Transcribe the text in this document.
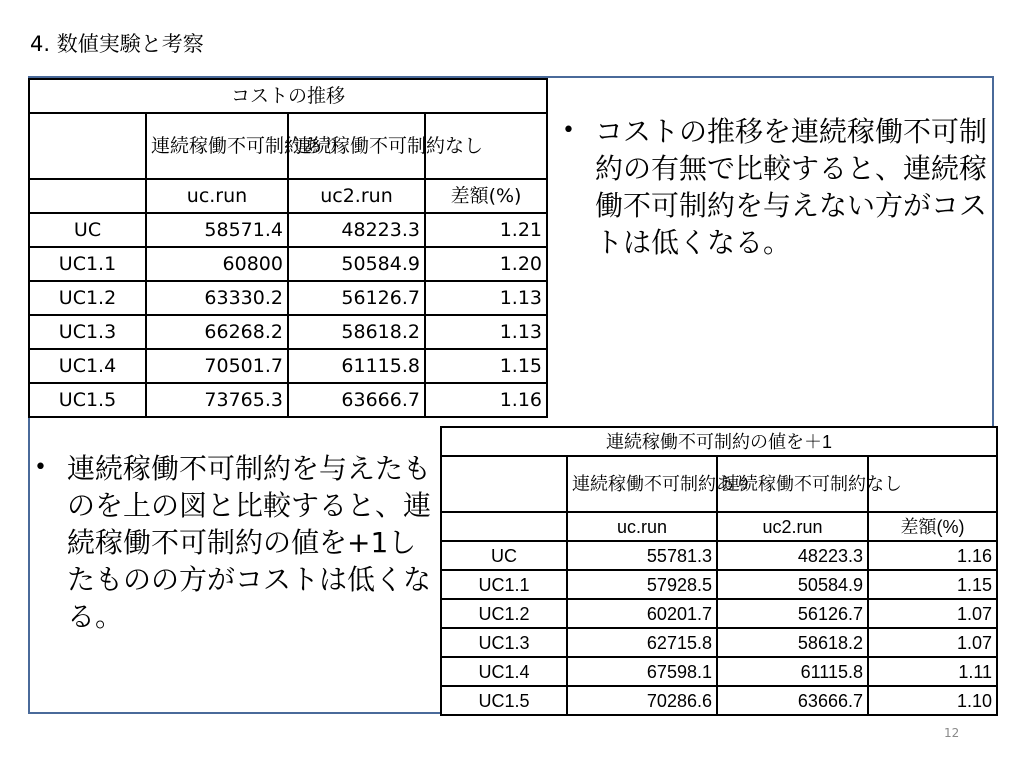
4. 数値実験と考察
コストの推移			
	連続稼働不可制約あり	連続稼働不可制約なし	
	uc.run	uc2.run	差額(%)
UC	58571.4	48223.3	1.21
UC1.1	60800	50584.9	1.20
UC1.2	63330.2	56126.7	1.13
UC1.3	66268.2	58618.2	1.13
UC1.4	70501.7	61115.8	1.15
UC1.5	73765.3	63666.7	1.16
• コストの推移を連続稼働不可制約の有無で比較すると、連続稼働不可制約を与えない方がコストは低くなる。
• 連続稼働不可制約を与えたものを上の図と比較すると、連続稼働不可制約の値を+1したものの方がコストは低くなる。
連続稼働不可制約の値を＋1			
	連続稼働不可制約あり	連続稼働不可制約なし	
	uc.run	uc2.run	差額(%)
UC	55781.3	48223.3	1.16
UC1.1	57928.5	50584.9	1.15
UC1.2	60201.7	56126.7	1.07
UC1.3	62715.8	58618.2	1.07
UC1.4	67598.1	61115.8	1.11
UC1.5	70286.6	63666.7	1.10
12
